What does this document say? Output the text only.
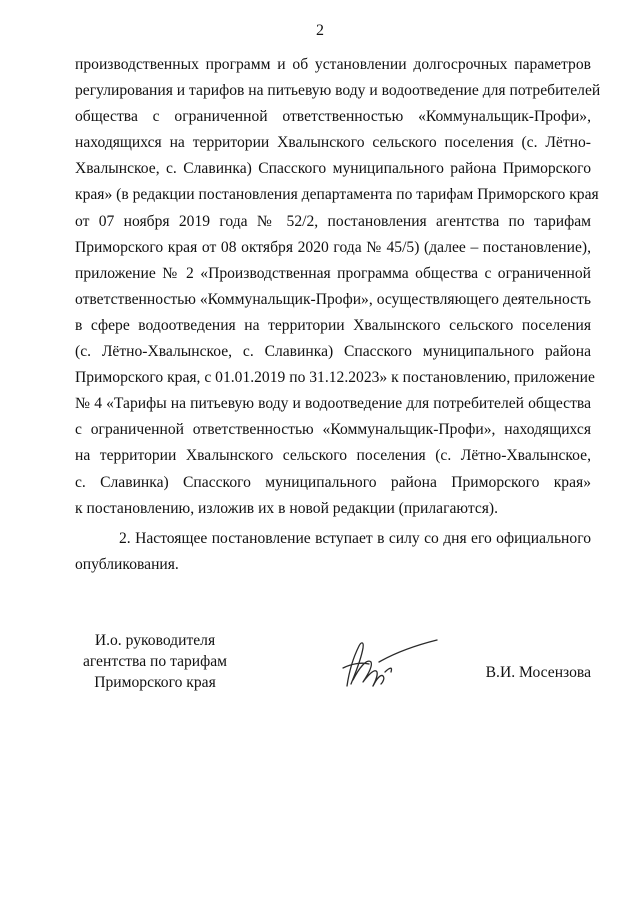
2

производственных программ и об установлении долгосрочных параметров
регулирования и тарифов на питьевую воду и водоотведение для потребителей
общества с ограниченной ответственностью «Коммунальщик-Профи»,
находящихся на территории Хвалынского сельского поселения (с. Лётно-
Хвалынское, с. Славинка) Спасского муниципального района Приморского
края» (в редакции постановления департамента по тарифам Приморского края
от 07 ноября 2019 года № 52/2, постановления агентства по тарифам
Приморского края от 08 октября 2020 года № 45/5) (далее – постановление),
приложение № 2 «Производственная программа общества с ограниченной
ответственностью «Коммунальщик-Профи», осуществляющего деятельность
в сфере водоотведения на территории Хвалынского сельского поселения
(с. Лётно-Хвалынское, с. Славинка) Спасского муниципального района
Приморского края, с 01.01.2019 по 31.12.2023» к постановлению, приложение
№ 4 «Тарифы на питьевую воду и водоотведение для потребителей общества
с ограниченной ответственностью «Коммунальщик-Профи», находящихся
на территории Хвалынского сельского поселения (с. Лётно-Хвалынское,
с. Славинка) Спасского муниципального района Приморского края»
к постановлению, изложив их в новой редакции (прилагаются).

2. Настоящее постановление вступает в силу со дня его официального
опубликования.

И.о. руководителя
агентства по тарифам
Приморского края
В.И. Мосензова
